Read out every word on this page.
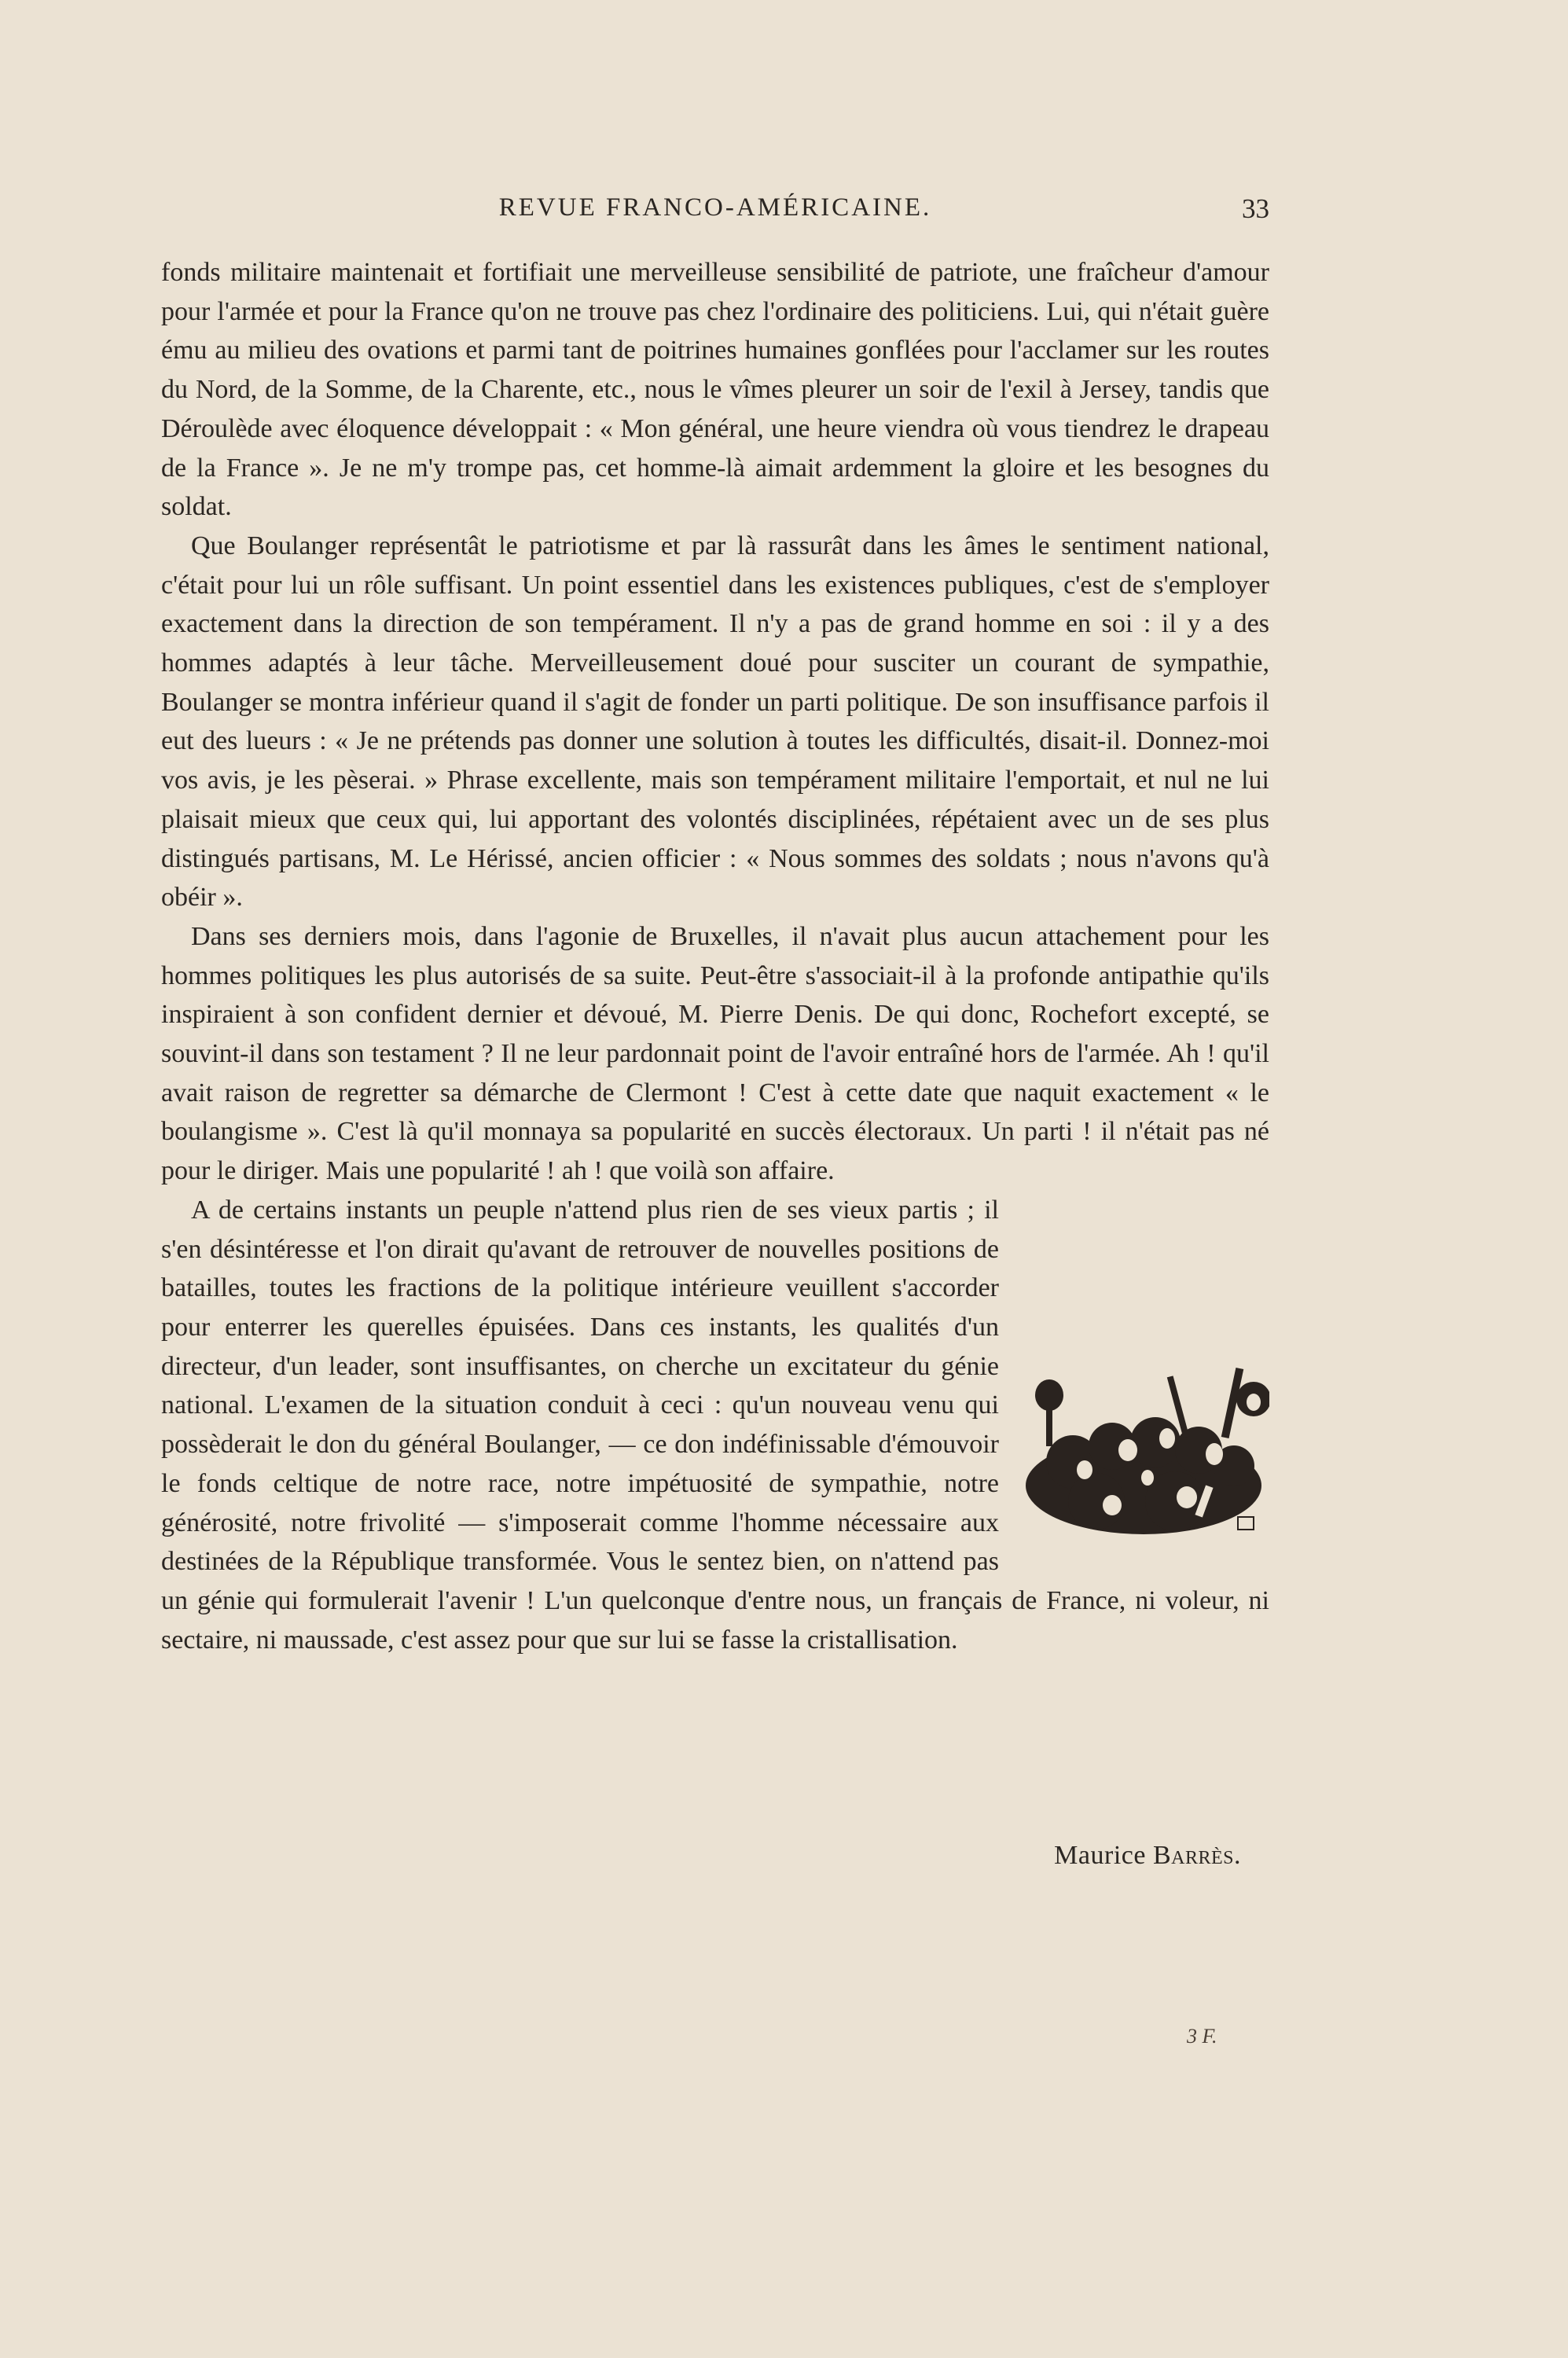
REVUE FRANCO-AMÉRICAINE.	33

fonds militaire maintenait et fortifiait une merveilleuse sensibilité de patriote, une fraîcheur d'amour pour l'armée et pour la France qu'on ne trouve pas chez l'ordinaire des politiciens. Lui, qui n'était guère ému au milieu des ovations et parmi tant de poitrines humaines gonflées pour l'acclamer sur les routes du Nord, de la Somme, de la Charente, etc., nous le vîmes pleurer un soir de l'exil à Jersey, tandis que Déroulède avec éloquence développait : « Mon général, une heure viendra où vous tiendrez le drapeau de la France ». Je ne m'y trompe pas, cet homme-là aimait ardemment la gloire et les besognes du soldat.

Que Boulanger représentât le patriotisme et par là rassurât dans les âmes le sentiment national, c'était pour lui un rôle suffisant. Un point essentiel dans les existences publiques, c'est de s'employer exactement dans la direction de son tempérament. Il n'y a pas de grand homme en soi : il y a des hommes adaptés à leur tâche. Merveilleusement doué pour susciter un courant de sympathie, Boulanger se montra inférieur quand il s'agit de fonder un parti politique. De son insuffisance parfois il eut des lueurs : « Je ne prétends pas donner une solution à toutes les difficultés, disait-il. Donnez-moi vos avis, je les pèserai. » Phrase excellente, mais son tempérament militaire l'emportait, et nul ne lui plaisait mieux que ceux qui, lui apportant des volontés disciplinées, répétaient avec un de ses plus distingués partisans, M. Le Hérissé, ancien officier : « Nous sommes des soldats ; nous n'avons qu'à obéir ».

Dans ses derniers mois, dans l'agonie de Bruxelles, il n'avait plus aucun attachement pour les hommes politiques les plus autorisés de sa suite. Peut-être s'associait-il à la profonde antipathie qu'ils inspiraient à son confident dernier et dévoué, M. Pierre Denis. De qui donc, Rochefort excepté, se souvint-il dans son testament ? Il ne leur pardonnait point de l'avoir entraîné hors de l'armée. Ah ! qu'il avait raison de regretter sa démarche de Clermont ! C'est à cette date que naquit exactement « le boulangisme ». C'est là qu'il monnaya sa popularité en succès électoraux. Un parti ! il n'était pas né pour le diriger. Mais une popularité ! ah ! que voilà son affaire.

A de certains instants un peuple n'attend plus rien de ses vieux partis ; il s'en désintéresse et l'on dirait qu'avant de retrouver de nouvelles positions de batailles, toutes les fractions de la politique intérieure veuillent s'accorder pour enterrer les querelles épuisées. Dans ces instants, les qualités d'un directeur, d'un leader, sont insuffisantes, on cherche un excitateur du génie national. L'examen de la situation conduit à ceci : qu'un nouveau venu qui possèderait le don du général Boulanger, — ce don indéfinissable d'émouvoir le fonds celtique de notre race, notre impétuosité de sympathie, notre générosité, notre frivolité — s'imposerait comme l'homme nécessaire aux destinées de la République transformée. Vous le sentez bien, on n'attend pas un génie qui formulerait l'avenir ! L'un quelconque d'entre nous, un français de France, ni voleur, ni sectaire, ni maussade, c'est assez pour que sur lui se fasse la cristallisation.

Maurice Barrès.
3 F.
